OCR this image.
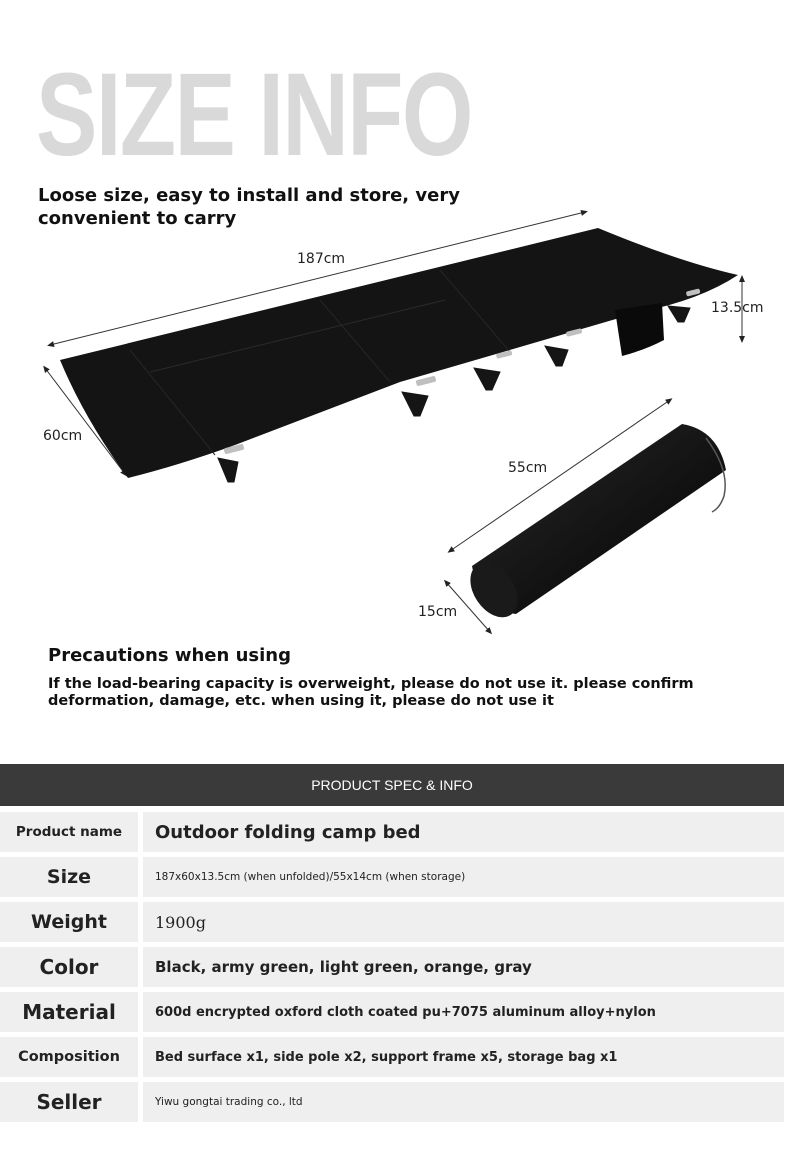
SIZE INFO
Loose size, easy to install and store, very convenient to carry
187cm
13.5cm
60cm
55cm
15cm
Precautions when using
If the load-bearing capacity is overweight, please do not use it. please confirm deformation, damage, etc. when using it, please do not use it
PRODUCT SPEC & INFO
Product name	Outdoor folding camp bed
Size	187x60x13.5cm (when unfolded)/55x14cm (when storage)
Weight	1900g
Color	Black, army green, light green, orange, gray
Material	600d encrypted oxford cloth coated pu+7075 aluminum alloy+nylon
Composition	Bed surface x1, side pole x2, support frame x5, storage bag x1
Seller	Yiwu gongtai trading co., ltd
